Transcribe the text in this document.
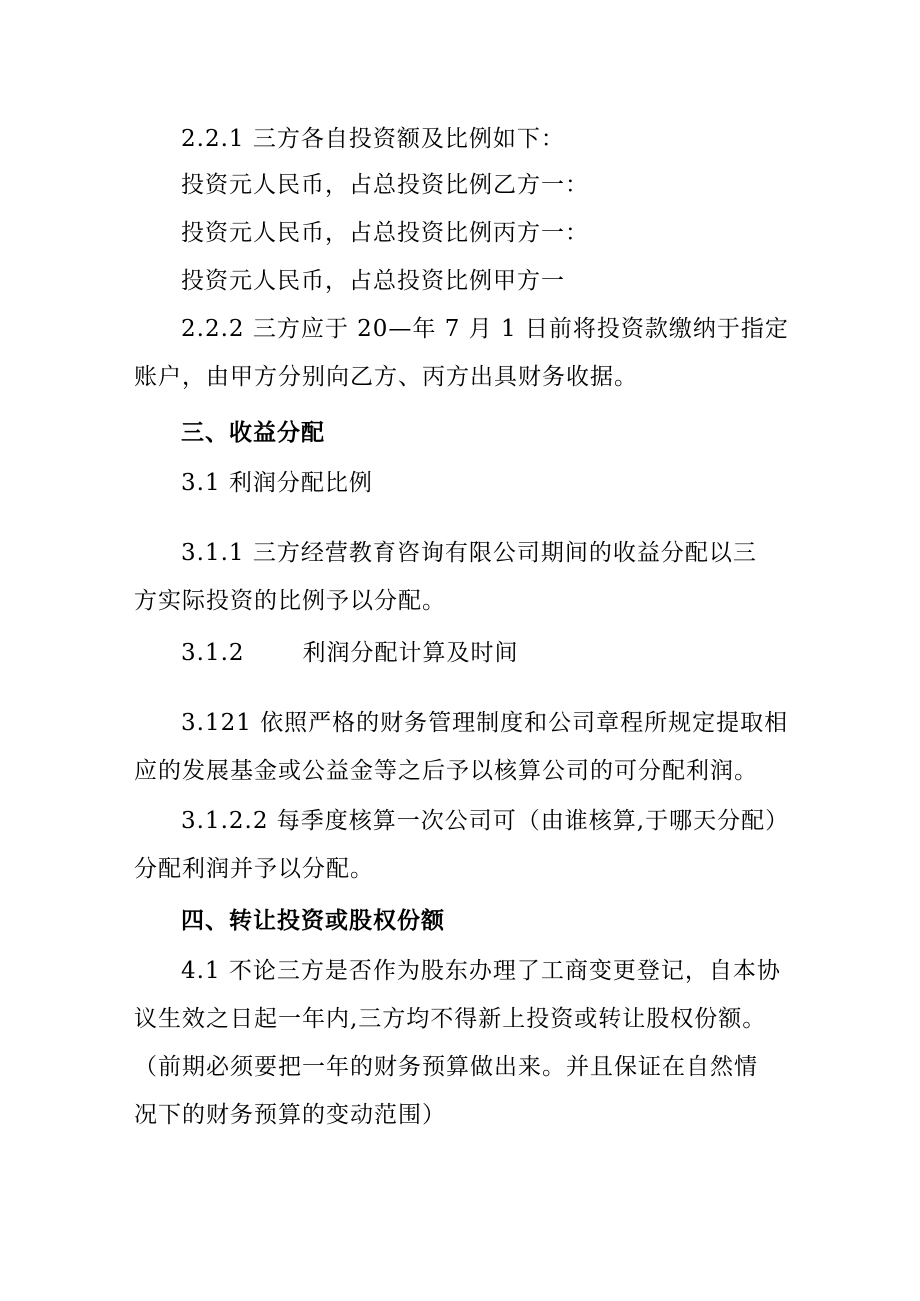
2.2.1 三方各自投资额及比例如下：
投资元人民币，占总投资比例乙方一：
投资元人民币，占总投资比例丙方一：
投资元人民币，占总投资比例甲方一
2.2.2 三方应于 20—年 7 月 1 日前将投资款缴纳于指定
账户，由甲方分别向乙方、丙方出具财务收据。
三、收益分配
3.1 利润分配比例
3.1.1 三方经营教育咨询有限公司期间的收益分配以三
方实际投资的比例予以分配。
3.1.2	利润分配计算及时间
3.121 依照严格的财务管理制度和公司章程所规定提取相
应的发展基金或公益金等之后予以核算公司的可分配利润。
3.1.2.2 每季度核算一次公司可（由谁核算,于哪天分配）
分配利润并予以分配。
四、转让投资或股权份额
4.1 不论三方是否作为股东办理了工商变更登记，自本协
议生效之日起一年内,三方均不得新上投资或转让股权份额。
（前期必须要把一年的财务预算做出来。并且保证在自然情
况下的财务预算的变动范围）
